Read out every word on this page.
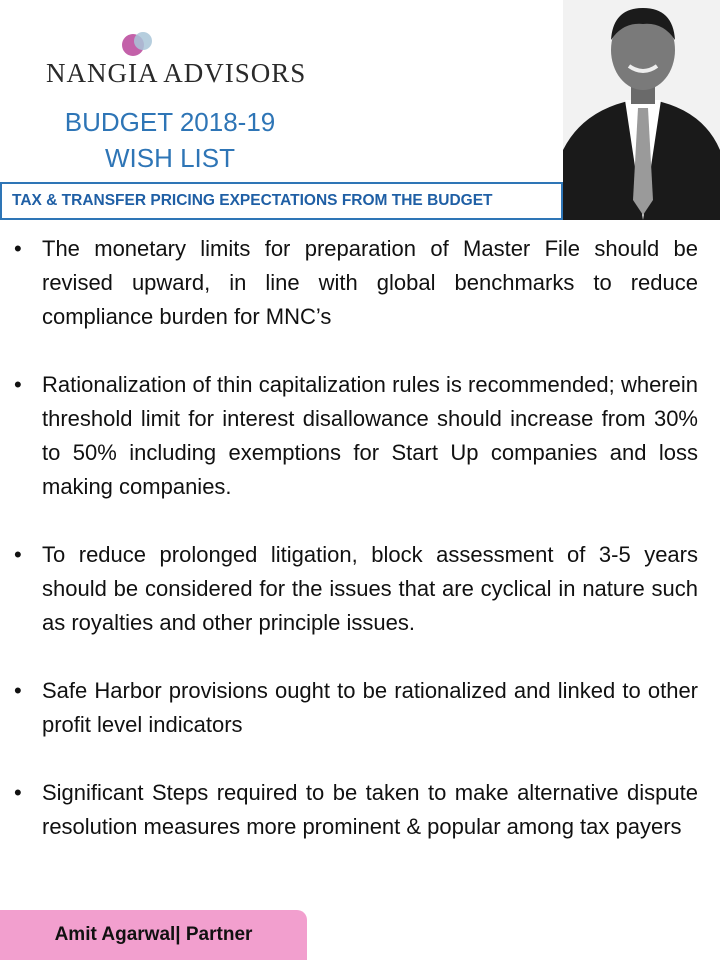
NANGIA ADVISORS
BUDGET 2018-19
WISH LIST
TAX & TRANSFER PRICING EXPECTATIONS FROM THE BUDGET
• The monetary limits for preparation of Master File should be revised upward, in line with global benchmarks to reduce compliance burden for MNC’s
• Rationalization of thin capitalization rules is recommended; wherein threshold limit for interest disallowance should increase from 30% to 50% including exemptions for Start Up companies and loss making companies.
• To reduce prolonged litigation, block assessment of 3-5 years should be considered for the issues that are cyclical in nature such as royalties and other principle issues.
• Safe Harbor provisions ought to be rationalized and linked to other profit level indicators
• Significant Steps required to be taken to make alternative dispute resolution measures more prominent & popular among tax payers
Amit Agarwal| Partner
